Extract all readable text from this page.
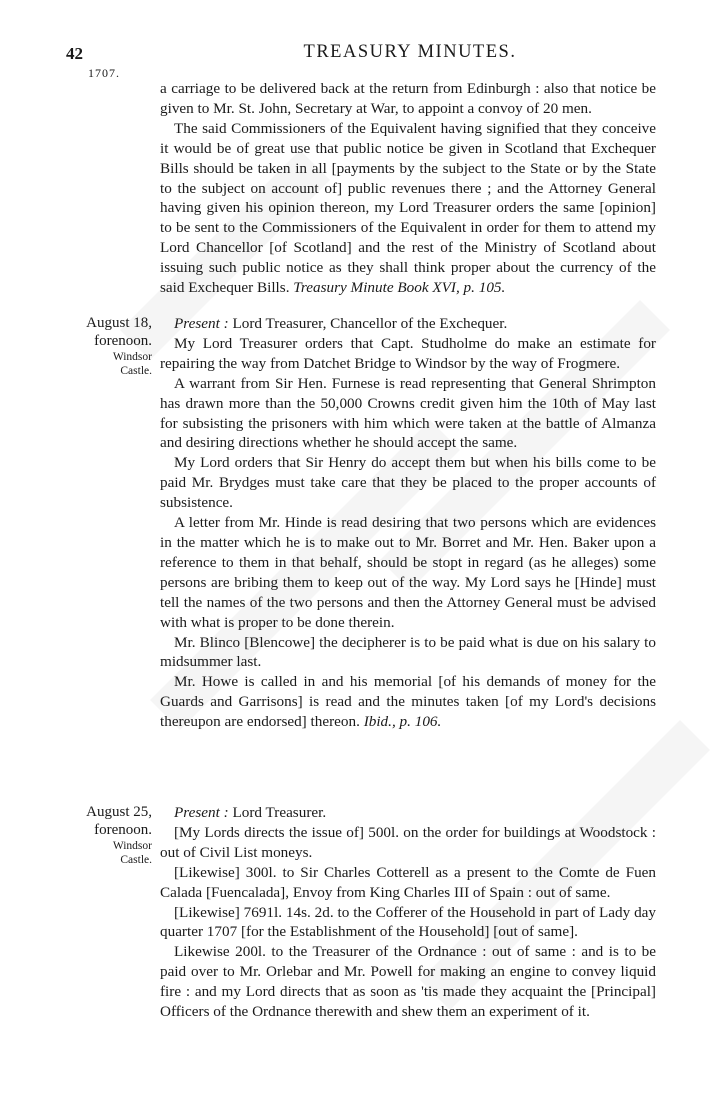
42	TREASURY MINUTES.
1707.

a carriage to be delivered back at the return from Edinburgh : also that notice be given to Mr. St. John, Secretary at War, to appoint a convoy of 20 men.

The said Commissioners of the Equivalent having signified that they conceive it would be of great use that public notice be given in Scotland that Exchequer Bills should be taken in all [payments by the subject to the State or by the State to the subject on account of] public revenues there ; and the Attorney General having given his opinion thereon, my Lord Treasurer orders the same [opinion] to be sent to the Commissioners of the Equivalent in order for them to attend my Lord Chancellor [of Scotland] and the rest of the Ministry of Scotland about issuing such public notice as they shall think proper about the currency of the said Exchequer Bills. Treasury Minute Book XVI, p. 105.

August 18,
forenoon.
Windsor
Castle.

Present : Lord Treasurer, Chancellor of the Exchequer.

My Lord Treasurer orders that Capt. Studholme do make an estimate for repairing the way from Datchet Bridge to Windsor by the way of Frogmere.

A warrant from Sir Hen. Furnese is read representing that General Shrimpton has drawn more than the 50,000 Crowns credit given him the 10th of May last for subsisting the prisoners with him which were taken at the battle of Almanza and desiring directions whether he should accept the same.

My Lord orders that Sir Henry do accept them but when his bills come to be paid Mr. Brydges must take care that they be placed to the proper accounts of subsistence.

A letter from Mr. Hinde is read desiring that two persons which are evidences in the matter which he is to make out to Mr. Borret and Mr. Hen. Baker upon a reference to them in that behalf, should be stopt in regard (as he alleges) some persons are bribing them to keep out of the way. My Lord says he [Hinde] must tell the names of the two persons and then the Attorney General must be advised with what is proper to be done therein.

Mr. Blinco [Blencowe] the decipherer is to be paid what is due on his salary to midsummer last.

Mr. Howe is called in and his memorial [of his demands of money for the Guards and Garrisons] is read and the minutes taken [of my Lord's decisions thereupon are endorsed] thereon. Ibid., p. 106.

August 25,
forenoon.
Windsor
Castle.

Present : Lord Treasurer.

[My Lords directs the issue of] 500l. on the order for buildings at Woodstock : out of Civil List moneys.

[Likewise] 300l. to Sir Charles Cotterell as a present to the Comte de Fuen Calada [Fuencalada], Envoy from King Charles III of Spain : out of same.

[Likewise] 7691l. 14s. 2d. to the Cofferer of the Household in part of Lady day quarter 1707 [for the Establishment of the Household] [out of same].

Likewise 200l. to the Treasurer of the Ordnance : out of same : and is to be paid over to Mr. Orlebar and Mr. Powell for making an engine to convey liquid fire : and my Lord directs that as soon as 'tis made they acquaint the [Principal] Officers of the Ordnance therewith and shew them an experiment of it.
